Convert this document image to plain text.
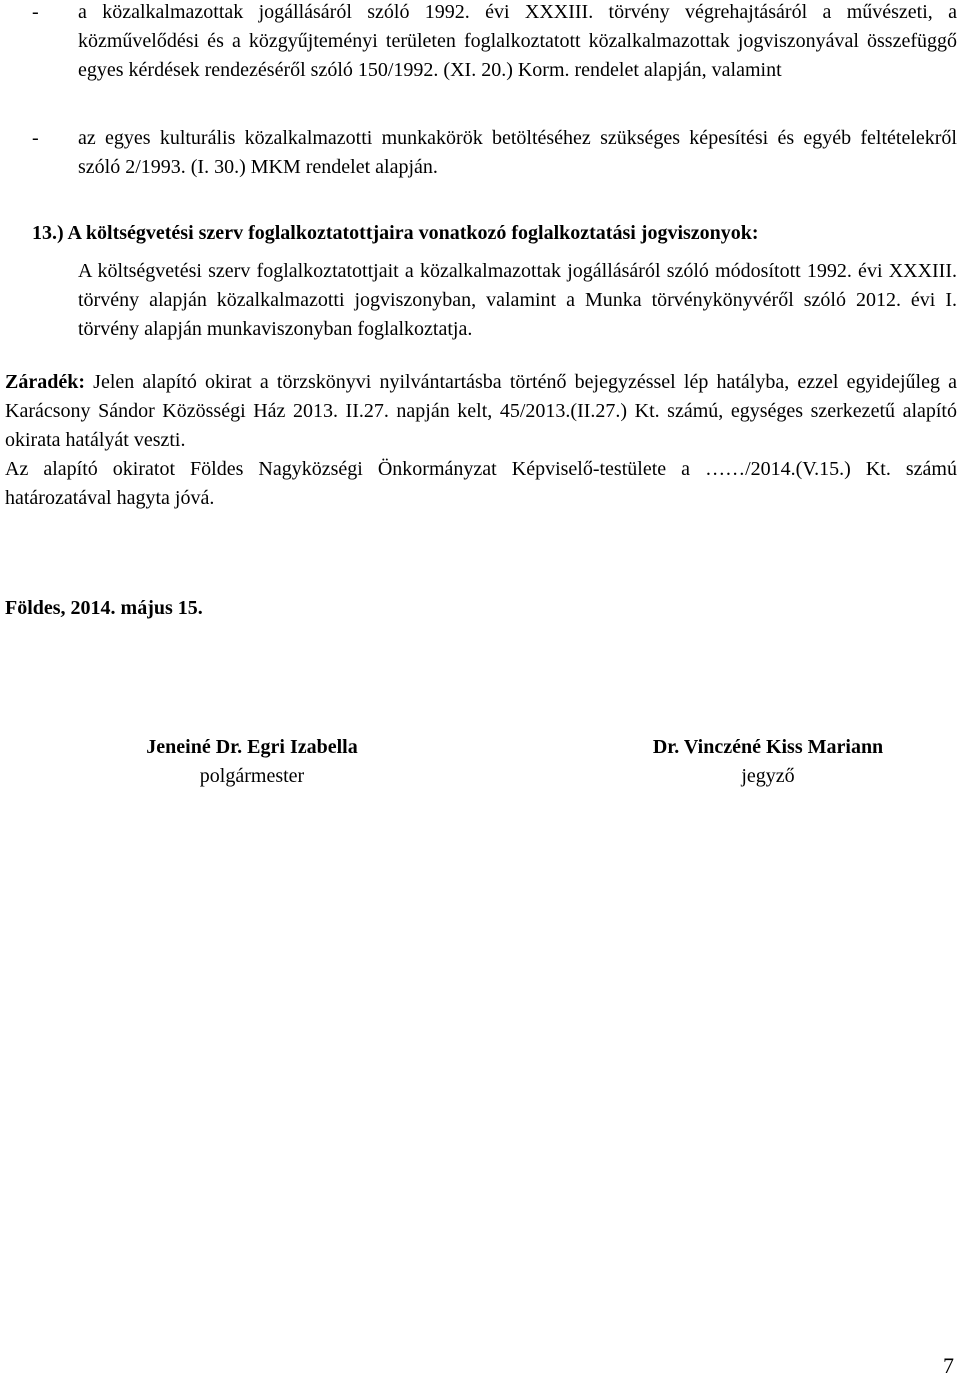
- a közalkalmazottak jogállásáról szóló 1992. évi XXXIII. törvény végrehajtásáról a művészeti, a közművelődési és a közgyűjteményi területen foglalkoztatott közalkalmazottak jogviszonyával összefüggő egyes kérdések rendezéséről szóló 150/1992. (XI. 20.) Korm. rendelet alapján, valamint
- az egyes kulturális közalkalmazotti munkakörök betöltéséhez szükséges képesítési és egyéb feltételekről szóló 2/1993. (I. 30.) MKM rendelet alapján.
13.) A költségvetési szerv foglalkoztatottjaira vonatkozó foglalkoztatási jogviszonyok:
A költségvetési szerv foglalkoztatottjait a közalkalmazottak jogállásáról szóló módosított 1992. évi XXXIII. törvény alapján közalkalmazotti jogviszonyban, valamint a Munka törvénykönyvéről szóló 2012. évi I. törvény alapján munkaviszonyban foglalkoztatja.
Záradék: Jelen alapító okirat a törzskönyvi nyilvántartásba történő bejegyzéssel lép hatályba, ezzel egyidejűleg a Karácsony Sándor Közösségi Ház 2013. II.27. napján kelt, 45/2013.(II.27.) Kt. számú, egységes szerkezetű alapító okirata hatályát veszti.
Az alapító okiratot Földes Nagyközségi Önkormányzat Képviselő-testülete a ……/2014.(V.15.) Kt. számú határozatával hagyta jóvá.
Földes, 2014. május 15.
Jeneiné Dr. Egri Izabella
polgármester
Dr. Vinczéné Kiss Mariann
jegyző
7
